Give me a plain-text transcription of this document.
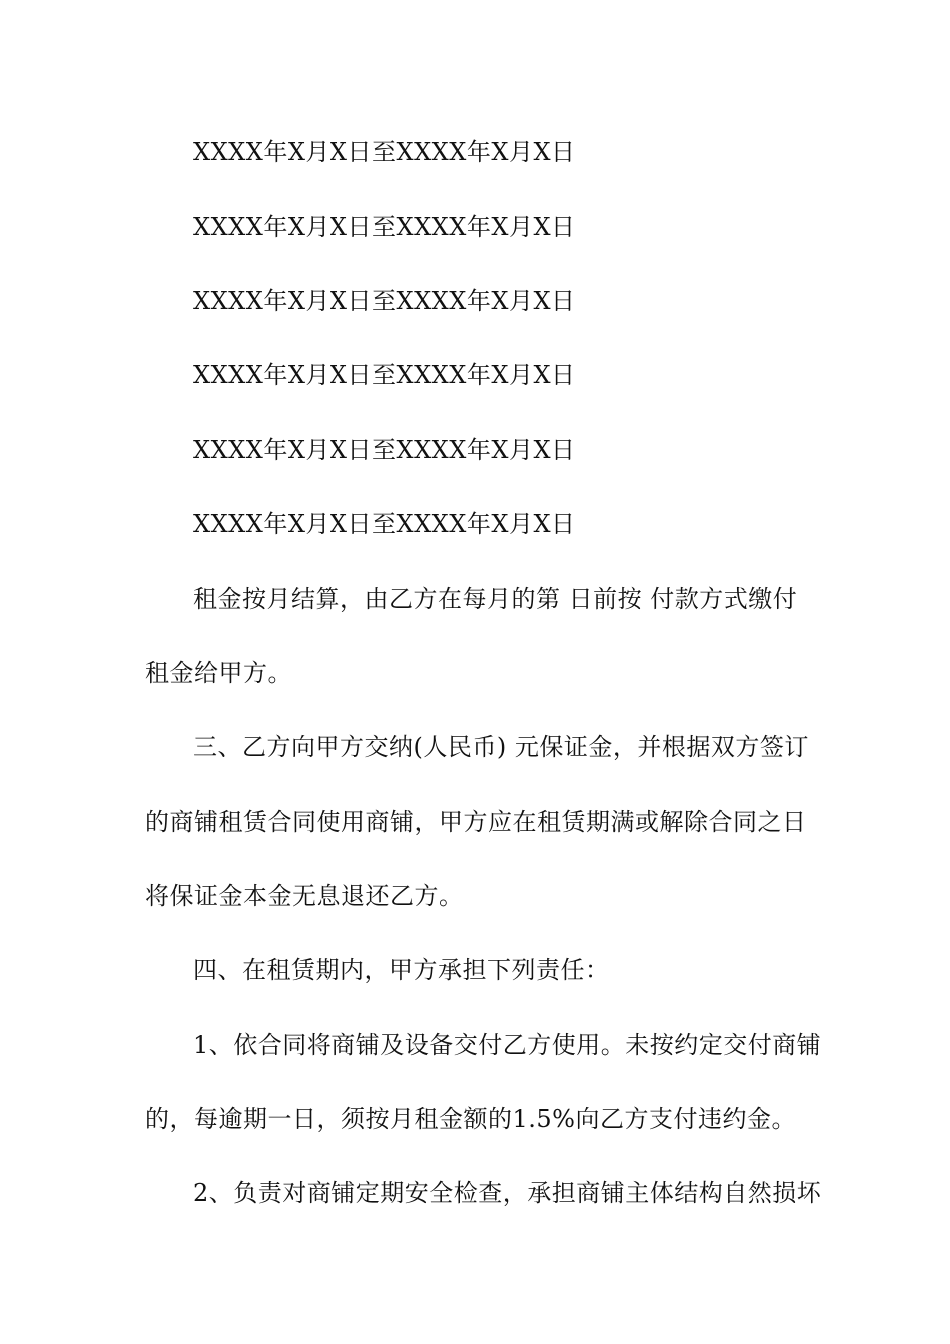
XXXX年X月X日至XXXX年X月X日
XXXX年X月X日至XXXX年X月X日
XXXX年X月X日至XXXX年X月X日
XXXX年X月X日至XXXX年X月X日
XXXX年X月X日至XXXX年X月X日
XXXX年X月X日至XXXX年X月X日
租金按月结算，由乙方在每月的第 日前按 付款方式缴付
租金给甲方。
三、乙方向甲方交纳(人民币) 元保证金，并根据双方签订
的商铺租赁合同使用商铺，甲方应在租赁期满或解除合同之日
将保证金本金无息退还乙方。
四、在租赁期内，甲方承担下列责任：
1、依合同将商铺及设备交付乙方使用。未按约定交付商铺
的，每逾期一日，须按月租金额的1.5%向乙方支付违约金。
2、负责对商铺定期安全检查，承担商铺主体结构自然损坏
